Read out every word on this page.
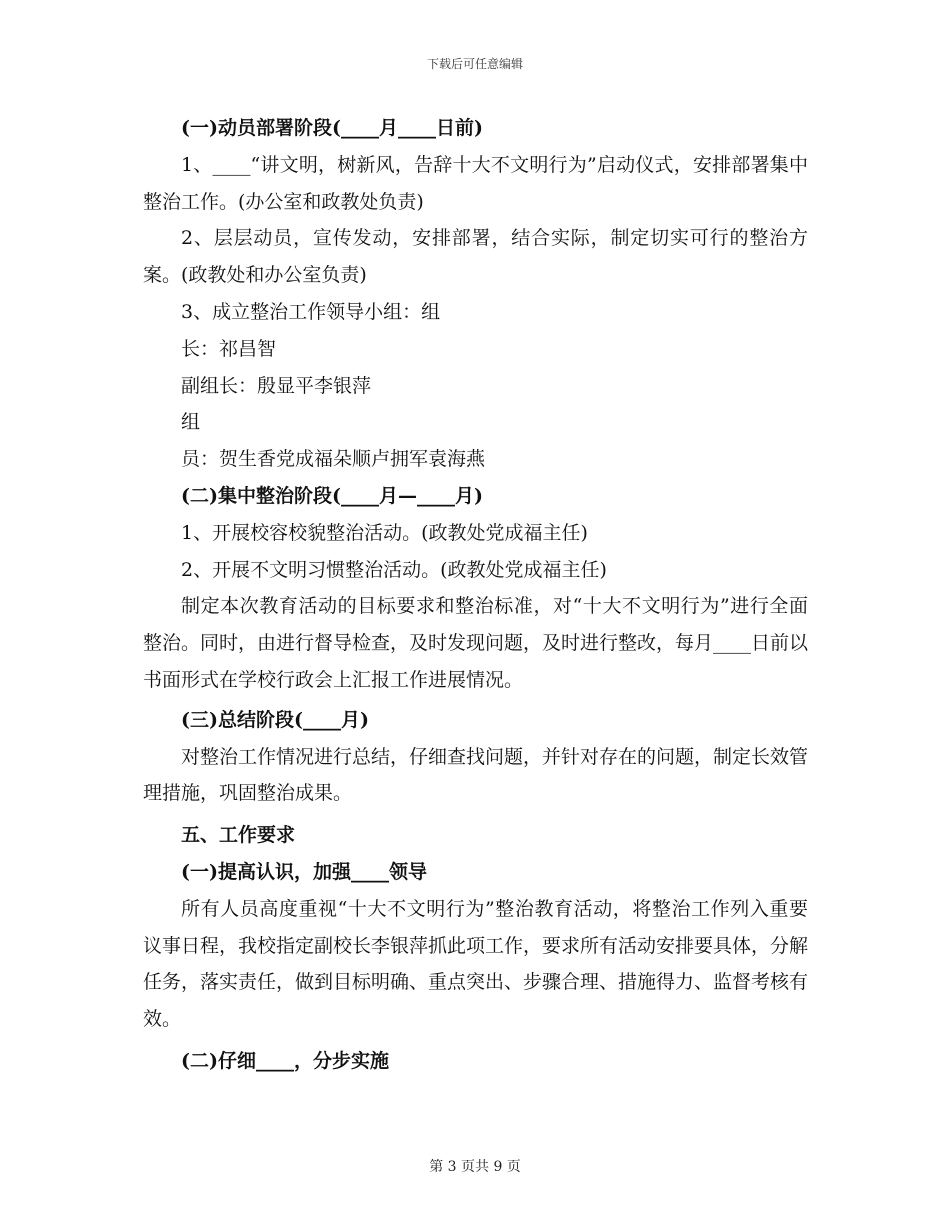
下载后可任意编辑

(一)动员部署阶段(____月____日前)

1、____“讲文明，树新风，告辞十大不文明行为”启动仪式，安排部署集中整治工作。(办公室和政教处负责)

2、层层动员，宣传发动，安排部署，结合实际，制定切实可行的整治方案。(政教处和办公室负责)

3、成立整治工作领导小组：组

长：祁昌智

副组长：殷显平李银萍

组

员：贺生香党成福朵顺卢拥军袁海燕

(二)集中整治阶段(____月—____月)

1、开展校容校貌整治活动。(政教处党成福主任)

2、开展不文明习惯整治活动。(政教处党成福主任)

制定本次教育活动的目标要求和整治标准，对“十大不文明行为”进行全面整治。同时，由进行督导检查，及时发现问题，及时进行整改，每月____日前以书面形式在学校行政会上汇报工作进展情况。

(三)总结阶段(____月)

对整治工作情况进行总结，仔细查找问题，并针对存在的问题，制定长效管理措施，巩固整治成果。

五、工作要求

(一)提高认识，加强____领导

所有人员高度重视“十大不文明行为”整治教育活动，将整治工作列入重要议事日程，我校指定副校长李银萍抓此项工作，要求所有活动安排要具体，分解任务，落实责任，做到目标明确、重点突出、步骤合理、措施得力、监督考核有效。

(二)仔细____，分步实施

第 3 页共 9 页
